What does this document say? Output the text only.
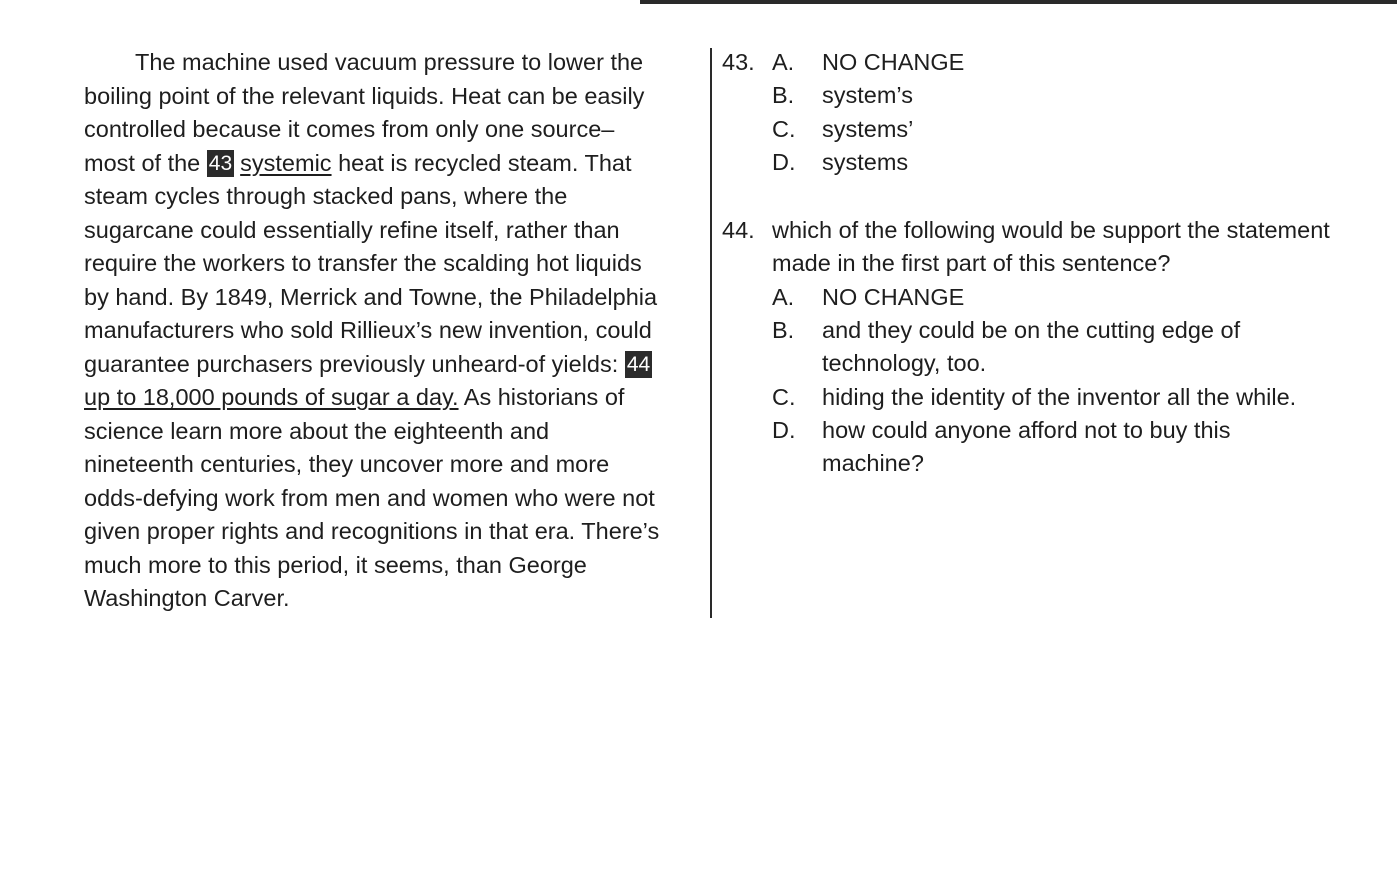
The machine used vacuum pressure to lower the
boiling point of the relevant liquids. Heat can be easily
controlled because it comes from only one source–
most of the 43 systemic heat is recycled steam. That
steam cycles through stacked pans, where the
sugarcane could essentially refine itself, rather than
require the workers to transfer the scalding hot liquids
by hand. By 1849, Merrick and Towne, the Philadelphia
manufacturers who sold Rillieux’s new invention, could
guarantee purchasers previously unheard-of yields: 44
up to 18,000 pounds of sugar a day. As historians of
science learn more about the eighteenth and
nineteenth centuries, they uncover more and more
odds-defying work from men and women who were not
given proper rights and recognitions in that era. There’s
much more to this period, it seems, than George
Washington Carver.
43. A. NO CHANGE
B. system’s
C. systems’
D. systems
44. which of the following would be support the statement made in the first part of this sentence?
A. NO CHANGE
B. and they could be on the cutting edge of technology, too.
C. hiding the identity of the inventor all the while.
D. how could anyone afford not to buy this machine?
